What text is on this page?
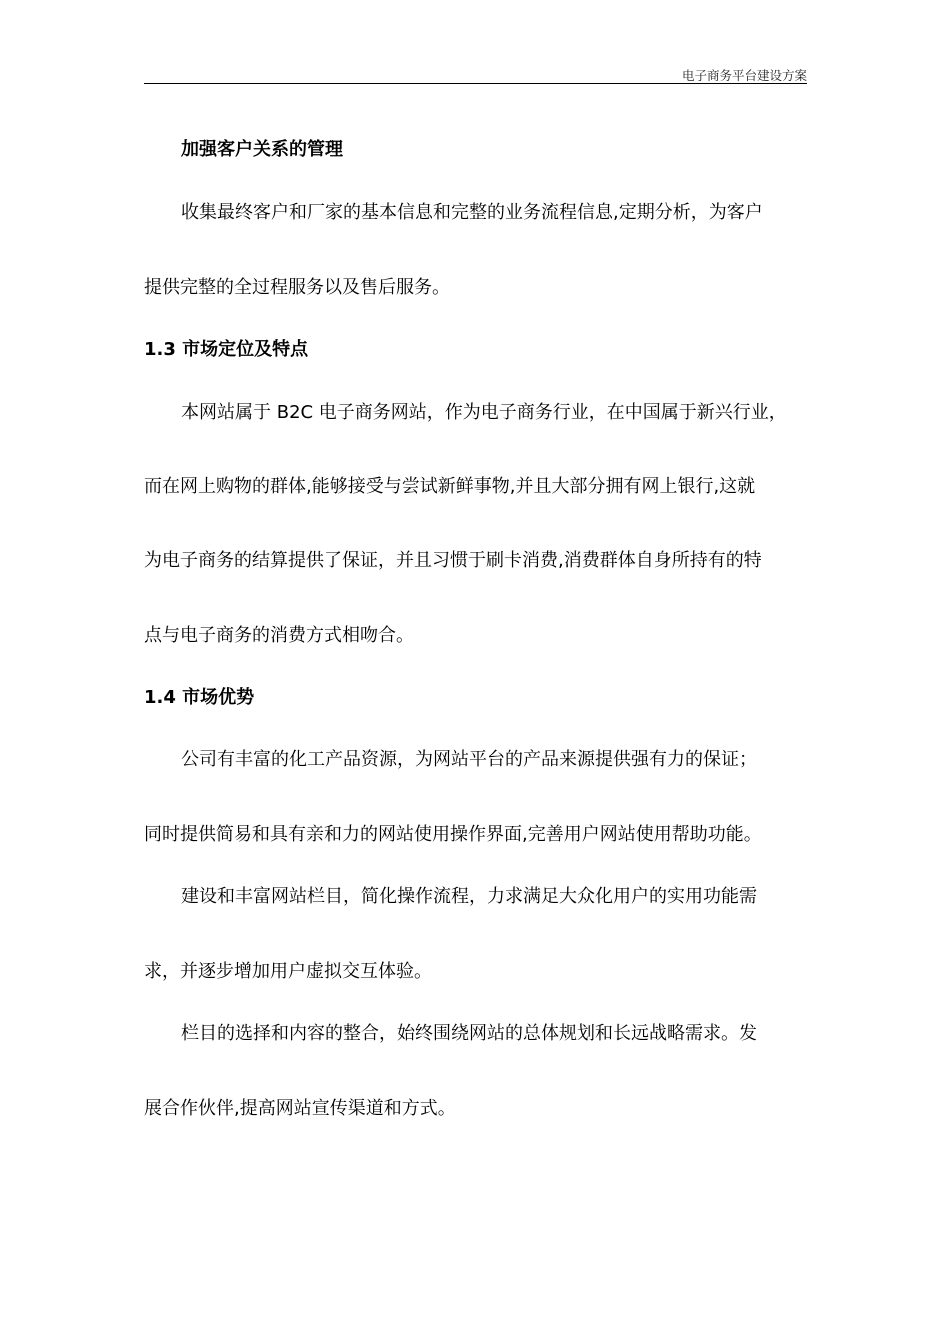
电子商务平台建设方案
加强客户关系的管理
收集最终客户和厂家的基本信息和完整的业务流程信息,定期分析，为客户
提供完整的全过程服务以及售后服务。
1.3 市场定位及特点
本网站属于 B2C 电子商务网站，作为电子商务行业，在中国属于新兴行业，
而在网上购物的群体,能够接受与尝试新鲜事物,并且大部分拥有网上银行,这就
为电子商务的结算提供了保证，并且习惯于刷卡消费,消费群体自身所持有的特
点与电子商务的消费方式相吻合。
1.4 市场优势
公司有丰富的化工产品资源，为网站平台的产品来源提供强有力的保证；
同时提供简易和具有亲和力的网站使用操作界面,完善用户网站使用帮助功能。
建设和丰富网站栏目，简化操作流程，力求满足大众化用户的实用功能需
求，并逐步增加用户虚拟交互体验。
栏目的选择和内容的整合，始终围绕网站的总体规划和长远战略需求。发
展合作伙伴,提高网站宣传渠道和方式。
